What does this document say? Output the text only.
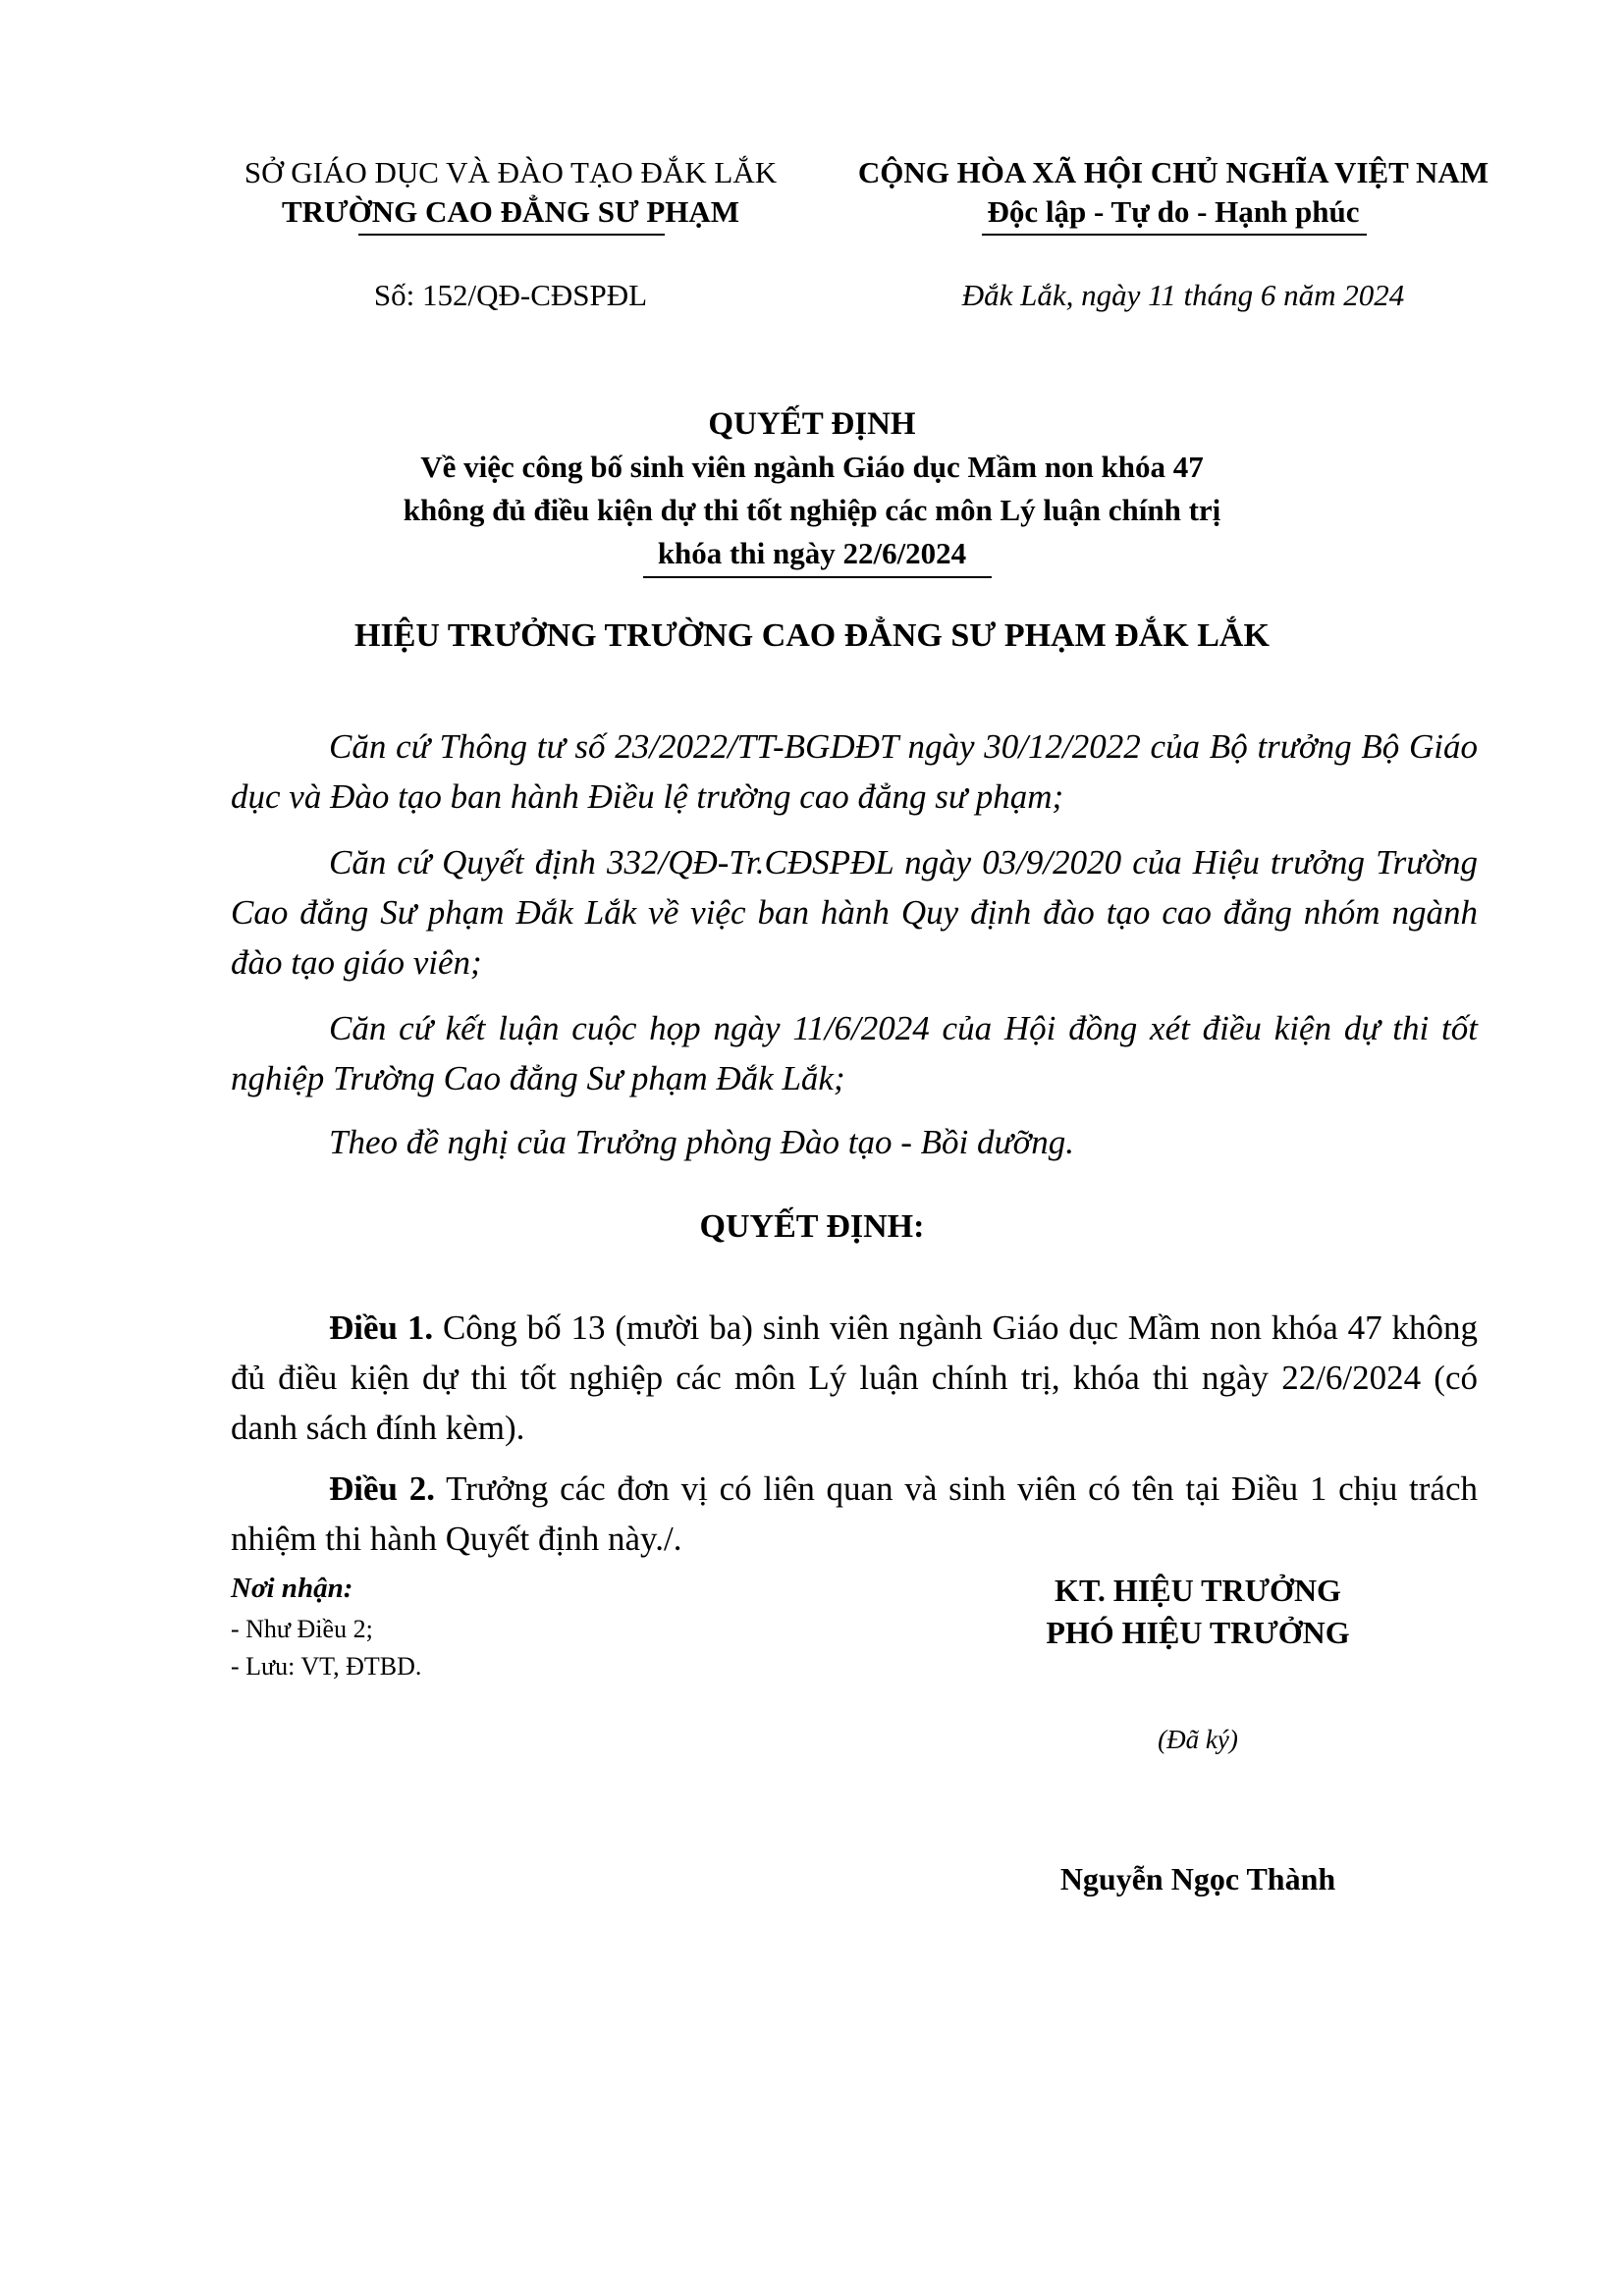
SỞ GIÁO DỤC VÀ ĐÀO TẠO ĐẮK LẮK
TRƯỜNG CAO ĐẲNG SƯ PHẠM
Số: 152/QĐ-CĐSPĐL
CỘNG HÒA XÃ HỘI CHỦ NGHĨA VIỆT NAM
Độc lập - Tự do - Hạnh phúc
Đắk Lắk, ngày 11 tháng 6 năm 2024
QUYẾT ĐỊNH
Về việc công bố sinh viên ngành Giáo dục Mầm non khóa 47
không đủ điều kiện dự thi tốt nghiệp các môn Lý luận chính trị
khóa thi ngày 22/6/2024
HIỆU TRƯỞNG TRƯỜNG CAO ĐẲNG SƯ PHẠM ĐẮK LẮK
Căn cứ Thông tư số 23/2022/TT-BGDĐT ngày 30/12/2022 của Bộ trưởng Bộ Giáo dục và Đào tạo ban hành Điều lệ trường cao đẳng sư phạm;
Căn cứ Quyết định 332/QĐ-Tr.CĐSPĐL ngày 03/9/2020 của Hiệu trưởng Trường Cao đẳng Sư phạm Đắk Lắk về việc ban hành Quy định đào tạo cao đẳng nhóm ngành đào tạo giáo viên;
Căn cứ kết luận cuộc họp ngày 11/6/2024 của Hội đồng xét điều kiện dự thi tốt nghiệp Trường Cao đẳng Sư phạm Đắk Lắk;
Theo đề nghị của Trưởng phòng Đào tạo - Bồi dưỡng.
QUYẾT ĐỊNH:
Điều 1. Công bố 13 (mười ba) sinh viên ngành Giáo dục Mầm non khóa 47 không đủ điều kiện dự thi tốt nghiệp các môn Lý luận chính trị, khóa thi ngày 22/6/2024 (có danh sách đính kèm).
Điều 2. Trưởng các đơn vị có liên quan và sinh viên có tên tại Điều 1 chịu trách nhiệm thi hành Quyết định này./.
Nơi nhận:
- Như Điều 2;
- Lưu: VT, ĐTBD.
KT. HIỆU TRƯỞNG
PHÓ HIỆU TRƯỞNG
(Đã ký)
Nguyễn Ngọc Thành
